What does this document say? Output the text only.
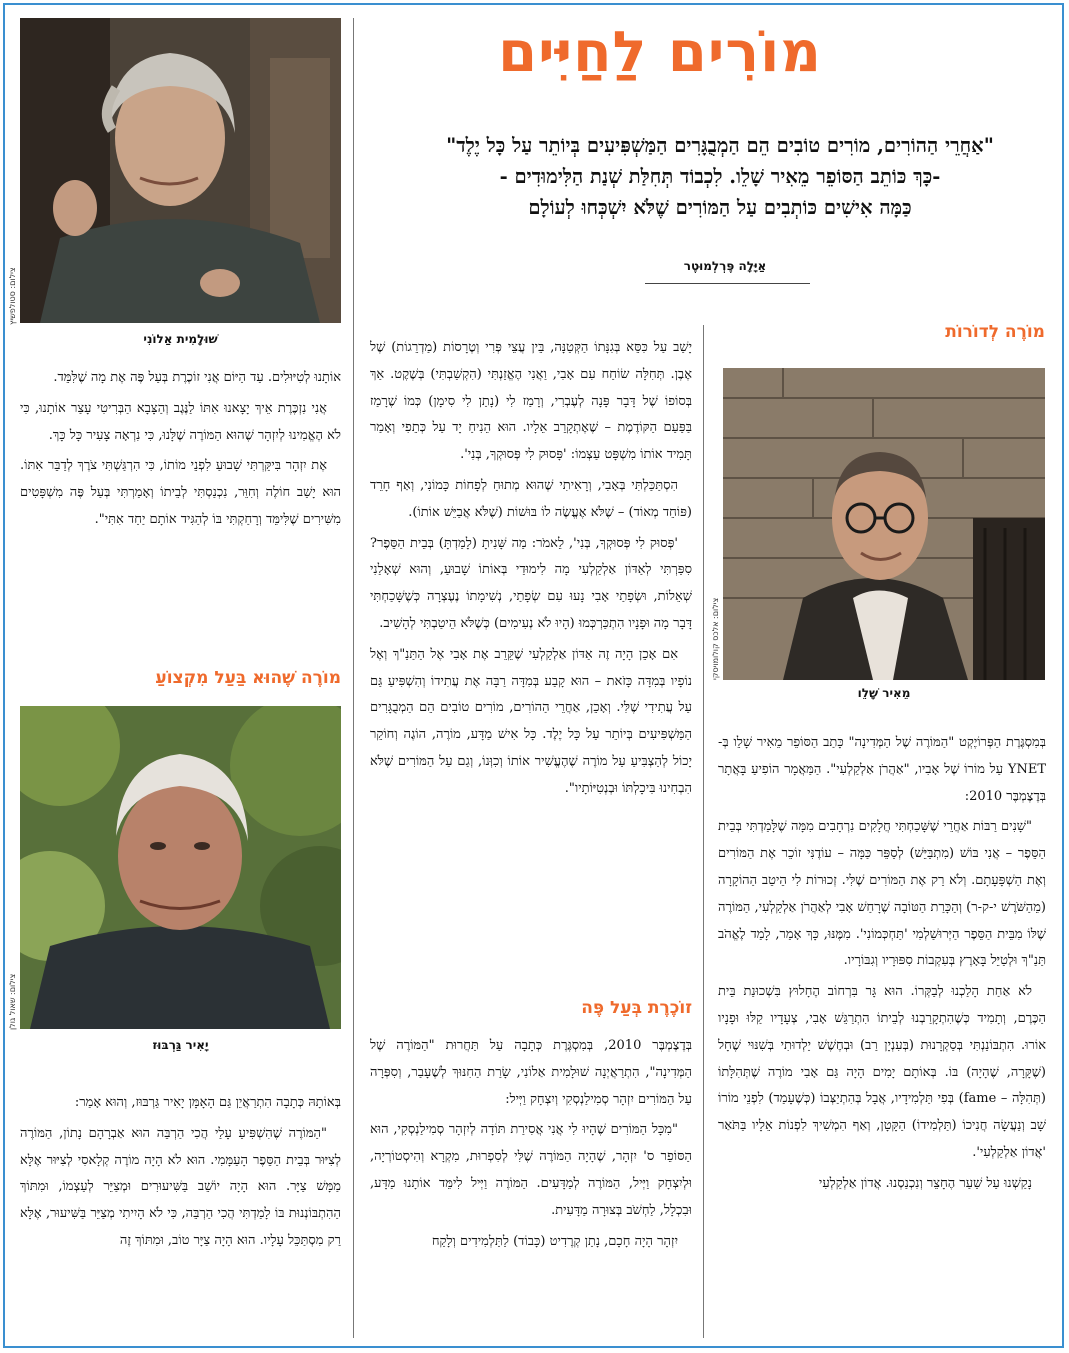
מוֹרִים לַחַיִּים
"אַחֲרֵי הַהוֹרִים, מוֹרִים טוֹבִים הֵם הַמְבֻגָּרִים הַמַּשְׁפִּיעִים בְּיוֹתֵר עַל כָּל יֶלֶד"
-כָּךְ כּוֹתֵב הַסּוֹפֵר מֵאִיר שָׁלֵו. לִכְבוֹד תְּחִלַּת שְׁנַת הַלִּימוּדִים -
כַּמָּה אִישִׁים כּוֹתְבִים עַל הַמּוֹרִים שֶׁלֹּא יִשְׁכְּחוּ לְעוֹלָם
אַיָּלָה פֶּרְלְמוּטֶר
מוֹרֶה לְדוֹרוֹת
צילום: אלכס קולומויסקי
מֵאִיר שָׁלֵו

בְּמִסְגֶּרֶת הַפְּרוֹיֶקְט "הַמּוֹרֶה שֶׁל הַמְּדִינָה" כָּתַב הַסּוֹפֵר מֵאִיר שָׁלֵו בְּ-YNET עַל מוֹרוֹ שֶׁל אָבִיו, "אַהֲרֹן אַלְקַלְעִי". הַמַּאֲמָר הוֹפִיעַ בָּאֲתָר בְּדֶצֶמְבֶּר 2010:

"שָׁנִים רַבּוֹת אַחֲרֵי שֶׁשָּׁכַחְתִּי חֲלָקִים נִרְחָבִים מִמָּה שֶׁלָּמַדְתִּי בְּבֵית הַסֵּפֶר – אֲנִי בּוֹשׁ (מִתְבַּיֵּשׁ) לְסַפֵּר כַּמָּה – עוֹדֶנִּי זוֹכֵר אֶת הַמּוֹרִים וְאֶת הַשְׁפָּעָתָם. וְלֹא רַק אֶת הַמּוֹרִים שֶׁלִּי. זְכוּרוֹת לִי הֵיטֵב הַהוֹקָרָה (מֵהַשֹּׁרֶשׁ י-ק-ר) וְהַכָּרַת הַטּוֹבָה שֶׁרָחַשׁ אָבִי לְאַהֲרֹן אַלְקַלְעִי, הַמּוֹרֶה שֶׁלּוֹ מִבֵּית הַסֵּפֶר הַיְּרוּשַׁלְמִי 'תַּחְכְּמוֹנִי'. מִמֶּנּוּ, כָּךְ אָמַר, לָמַד לֶאֱהֹב תַּנַ"ךְ וּלְטַיֵּל בָּאָרֶץ בְּעִקְבוֹת סִפּוּרָיו וְגִבּוֹרָיו.

לֹא אַחַת הָלַכְנוּ לְבַקְּרוֹ. הוּא גָּר בִּרְחוֹב הֶחָלוּץ בִּשְׁכוּנַת בֵּית הַכֶּרֶם, וְתָמִיד כְּשֶׁהִתְקָרַבְנוּ לְבֵיתוֹ הִתְרַגֵּשׁ אָבִי, צְעָדָיו קַלּוּ וּפָנָיו אוֹרוּ. הִתְבּוֹנַנְתִּי בְּסַקְרָנוּת (בְּעִנְיָן רַב) וּבְחֶשֶׁשׁ יַלְדוּתִי בְּשִׁנּוּי שֶׁחָל (שֶׁקָּרָה, שֶׁהָיָה) בּוֹ. בְּאוֹתָם יָמִים הָיָה גַּם אָבִי מוֹרֶה שֶׁתְּהִלָּתוֹ (תְּהִלָּה – fame) בְּפִי תַּלְמִידָיו, אֲבָל בְּהִתְיַצְּבוֹ (כְּשֶׁעָמַד) לִפְנֵי מוֹרוֹ שָׁב וְנַעֲשָׂה חֲנִיכוֹ (תַּלְמִידוֹ) הַקָּטָן, וְאַף הִמְשִׁיךְ לִפְנוֹת אֵלָיו בַּתֹּאַר 'אֲדוֹן אַלְקַלְעִי'.

נָקַשְׁנוּ עַל שַׁעַר הֶחָצֵר וְנִכְנַסְנוּ. אֲדוֹן אַלְקַלְעִי

יָשַׁב עַל כִּסֵּא בְּגִנָּתוֹ הַקְּטַנָּה, בֵּין עֲצֵי פְּרִי וְטֶרָסוֹת (מַדְרֵגוֹת) שֶׁל אֶבֶן. תְּחִלָּה שׂוֹחַח עִם אָבִי, וַאֲנִי הֶאֱזַנְתִּי (הִקְשַׁבְתִּי) בְּשֶׁקֶט. אַךְ בְּסוֹפוֹ שֶׁל דָּבָר פָּנָה לְעֶבְרִי, וְרָמַז לִי (נָתַן לִי סִימָן) כְּמוֹ שֶׁרָמַז בַּפַּעַם הַקּוֹדֶמֶת – שֶׁאֶתְקָרֵב אֵלָיו. הוּא הֵנִיחַ יָד עַל כְּתֵפִי וְאָמַר תָּמִיד אוֹתוֹ מִשְׁפָּט עַצְמוֹ: 'פָּסוּק לִי פְּסוּקְךָ, בְּנִי'.

הִסְתַּכַּלְתִּי בְּאָבִי, וְרָאִיתִי שֶׁהוּא מְתוּחַ לְפָחוֹת כָּמוֹנִי, וְאַף חָרֵד (פּוֹחֵד מְאוֹד) – שֶׁלֹּא אֶעֱשֶׂה לוֹ בּוּשׁוֹת (שֶׁלֹּא אֲבַיֵּשׁ אוֹתוֹ).

'פְּסוּק לִי פְּסוּקְךָ, בְּנִי', לֵאמֹר: מַה שָּׁנִיתָ (לָמַדְתָּ) בְּבֵית הַסֵּפֶר? סִפַּרְתִּי לְאַדּוֹן אַלְקַלְעִי מָה לִימוּדַי בְּאוֹתוֹ שָׁבוּעַ, וְהוּא שְׁאָלַנִי שְׁאֵלוֹת, וּשְׂפָתַי אָבִי נָעוּ עִם שְׂפָתַי, נְשִׁימָתוֹ נֶעֶצְרָה כְּשֶׁשָּׁכַחְתִּי דָּבָר מָה וּפָנָיו הִתְכַּרְכְּמוּ (הָיוּ לֹא נְעִימִים) כְּשֶׁלֹּא הֵיטַבְתִּי לְהָשִׁיב.

אִם אָכֵן הָיָה זֶה אַדּוֹן אַלְקַלְעִי שֶׁקֵּרֵב אֶת אָבִי אֶל הַתַּנַ"ךְ וְאֶל נוֹפָיו בְּמִדָּה כָּזֹאת – הוּא קָבַע בְּמִדָּה רַבָּה אֶת עֲתִידוֹ וְהִשְׁפִּיעַ גַּם עַל עֲתִידִי שֶׁלִּי. וְאָכֵן, אַחֲרֵי הַהוֹרִים, מוֹרִים טוֹבִים הֵם הַמְבֻגָּרִים הַמַּשְׁפִּיעִים בְּיוֹתֵר עַל כָּל יֶלֶד. כָּל אִישׁ מַדָּע, מוֹרֶה, הוֹגֶה וְחוֹקֵר יָכוֹל לְהַצְבִּיעַ עַל מוֹרֶה שֶׁהֶעֱשִׁיר אוֹתוֹ וְכִוְּנוֹ, וְגַם עַל הַמּוֹרִים שֶׁלֹּא הִבְחִינוּ בִּיכָלְתּוֹ וּבְנְטִיּוֹתָיו".

זוֹכֶרֶת בְּעַל פֶּה

בְּדֶצֶמְבֶּר 2010, בְּמִסְגֶּרֶת כְּתָבָה עַל תַּחֲרוּת "הַמּוֹרֶה שֶׁל הַמְּדִינָה", הִתְרַאֲיְנָה שׁוּלָמִית אַלוֹנִי, שָׂרַת הַחִנּוּךְ לְשֶׁעָבַר, וְסִפְּרָה עַל הַמּוֹרִים יִזְהָר סְמִילַנְסְקִי וְיִצְחָק וַיְּיל:

"מִכָּל הַמּוֹרִים שֶׁהָיוּ לִי אֲנִי אֲסִירַת תּוֹדָה לְיִזְהָר סְמִילַנְסְקִי, הוּא הַסּוֹפֵר ס' יִזְהָר, שֶׁהָיָה הַמּוֹרֶה שֶׁלִּי לְסִפְרוּת, מִקְרָא וְהִיסְטוֹרְיָה, וּלְיִצְחָק וַיְּיל, הַמּוֹרֶה לְמַדָּעִים. הַמּוֹרֶה וַיְּיל לִימֵּד אוֹתָנוּ מַדָּע, וּבִכְלָל, לַחְשֹׁב בְּצוּרָה מַדָּעִית.

יִזְהָר הָיָה חָכָם, נָתַן קְרֶדִיט (כָּבוֹד) לַתַּלְמִידִים וְלָקַח

צילום: סטולפשיץ
שׁוּלָמִית אַלוֹנִי

אוֹתָנוּ לְטִיּוּלִים. עַד הַיּוֹם אֲנִי זוֹכֶרֶת בְּעַל פֶּה אֶת מָה שֶׁלִּמֵּד.

אֲנִי נִזְכֶּרֶת אֵיךְ יָצָאנוּ אִתּוֹ לַנֶּגֶב וְהַצָּבָא הַבְּרִיטִי עָצַר אוֹתָנוּ, כִּי לֹא הֶאֱמִינוּ לְיִזְהָר שֶׁהוּא הַמּוֹרֶה שֶׁלָּנוּ, כִּי נִרְאָה צָעִיר כָּל כָּךְ.

אֶת יִזְהָר בִּיקַּרְתִּי שָׁבוּעַ לִפְנֵי מוֹתוֹ, כִּי הִרְגַּשְׁתִּי צֹרֶךְ לְדַבֵּר אִתּוֹ. הוּא יָשַׁב חוֹלֶה וְחִוֵּר, נִכְנַסְתִּי לְבֵיתוֹ וְאָמַרְתִּי בְּעַל פֶּה מִשְׁפָּטִים מִשִּׁירִים שֶׁלִּימֵּד וְרָחַקְתִּי בּוֹ לְהַגִּיד אוֹתָם יַחַד אִתִּי".

מוֹרֶה שֶׁהוּא בַּעַל מִקְצוֹעַ
צילום: שאול גולן
יָאִיר גַּרְבּוּז

בְּאוֹתָהּ כְּתָבָה הִתְרַאֲיֵן גַּם הָאָמָּן יָאִיר גַּרְבּוּז, וְהוּא אָמַר:

"הַמּוֹרֶה שֶׁהִשְׁפִּיעַ עָלַי הֲכִי הַרְבֵּה הוּא אַבְרָהָם נָתוֹן, הַמּוֹרֶה לְצִיּוּר בְּבֵית הַסֵּפֶר הָעַמָּמִי. הוּא לֹא הָיָה מוֹרֶה קְלָאסִי לְצִיּוּר אֶלָּא מַמָּשׁ צַיָּר. הוּא הָיָה יוֹשֵׁב בַּשִּׁיעוּרִים וּמְצַיֵּר לְעַצְמוֹ, וּמִתּוֹךְ הַהִתְבּוֹנְנוּת בּוֹ לָמַדְתִּי הֲכִי הַרְבֵּה, כִּי לֹא הָיִיתִי מְצַיֵּר בַּשִּׁיעוּר, אֶלָּא רַק מִסְתַּכֵּל עָלָיו. הוּא הָיָה צַיָּר טוֹב, וּמִתּוֹךְ זֶה
